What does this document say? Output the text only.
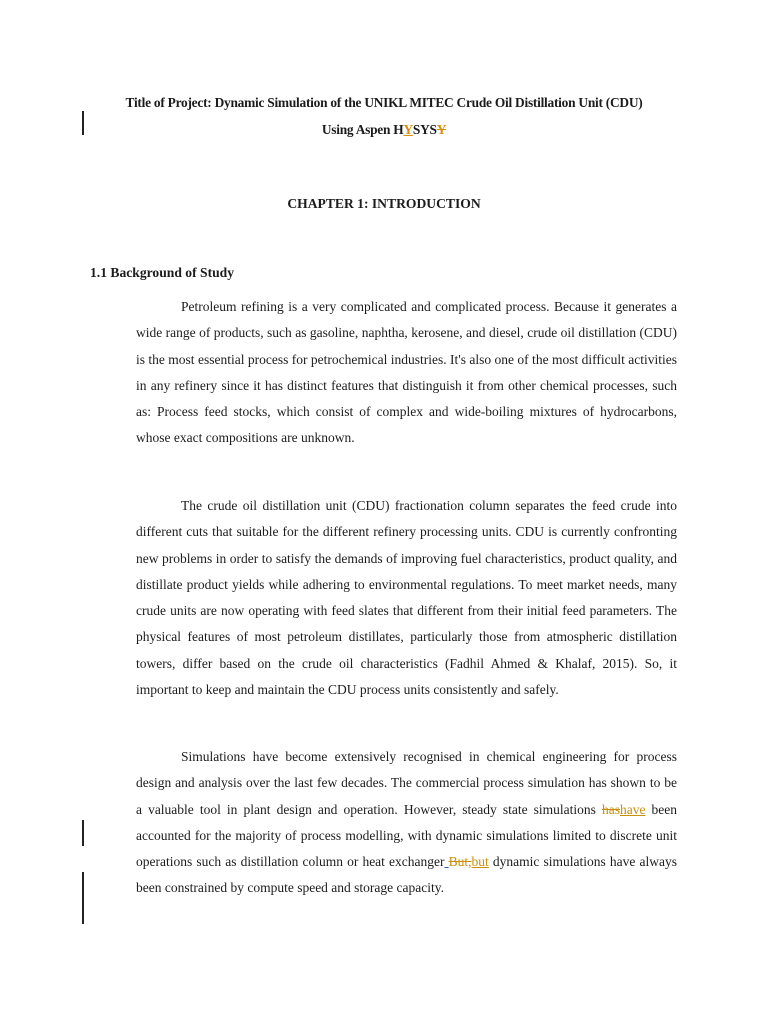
Title of Project: Dynamic Simulation of the UNIKL MITEC Crude Oil Distillation Unit (CDU)

Using Aspen HYSYSY

CHAPTER 1: INTRODUCTION

1.1 Background of Study

Petroleum refining is a very complicated and complicated process. Because it generates a wide range of products, such as gasoline, naphtha, kerosene, and diesel, crude oil distillation (CDU) is the most essential process for petrochemical industries. It's also one of the most difficult activities in any refinery since it has distinct features that distinguish it from other chemical processes, such as: Process feed stocks, which consist of complex and wide-boiling mixtures of hydrocarbons, whose exact compositions are unknown.

The crude oil distillation unit (CDU) fractionation column separates the feed crude into different cuts that suitable for the different refinery processing units. CDU is currently confronting new problems in order to satisfy the demands of improving fuel characteristics, product quality, and distillate product yields while adhering to environmental regulations. To meet market needs, many crude units are now operating with feed slates that different from their initial feed parameters. The physical features of most petroleum distillates, particularly those from atmospheric distillation towers, differ based on the crude oil characteristics (Fadhil Ahmed & Khalaf, 2015). So, it important to keep and maintain the CDU process units consistently and safely.

Simulations have become extensively recognised in chemical engineering for process design and analysis over the last few decades. The commercial process simulation has shown to be a valuable tool in plant design and operation. However, steady state simulations hashave been accounted for the majority of process modelling, with dynamic simulations limited to discrete unit operations such as distillation column or heat exchanger But,but dynamic simulations have always been constrained by compute speed and storage capacity.
